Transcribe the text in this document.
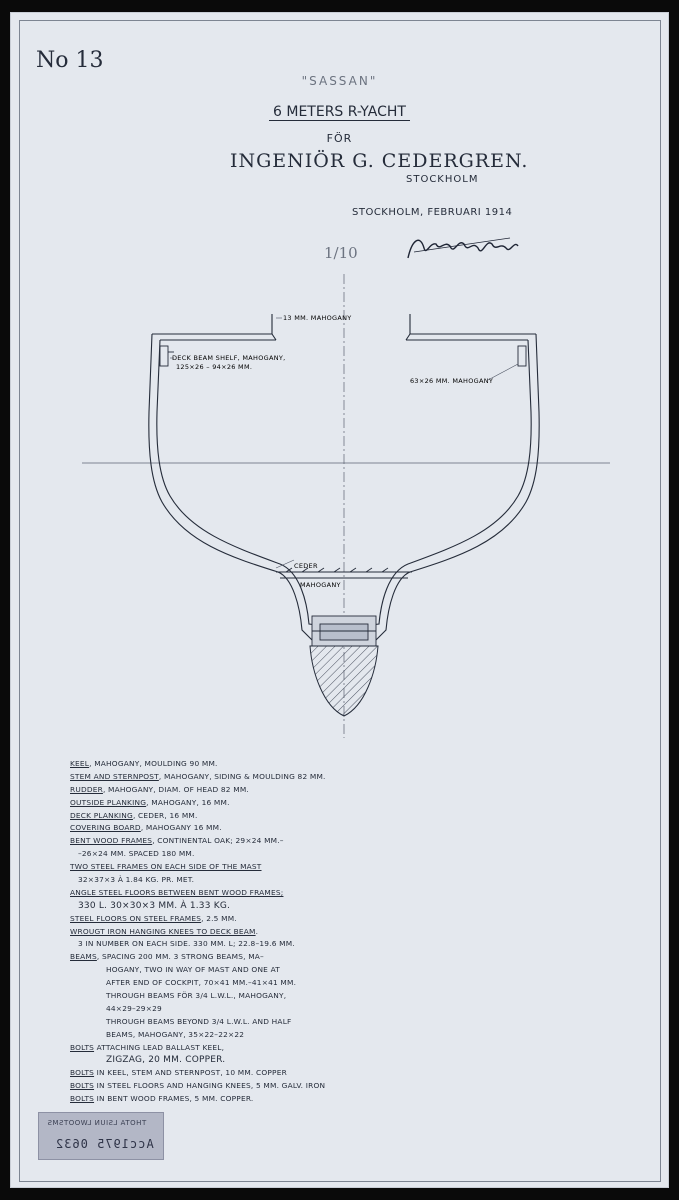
No 13
"SASSAN"
6 METERS R-YACHT
FÖR
INGENIÖR G. CEDERGREN.
STOCKHOLM
STOCKHOLM, FEBRUARI 1914
1/10
13 MM. MAHOGANY
DECK BEAM SHELF, MAHOGANY,
125×26 – 94×26 MM.
63×26 MM. MAHOGANY
CEDER
MAHOGANY
KEEL, MAHOGANY, MOULDING 90 MM.
STEM AND STERNPOST, MAHOGANY, SIDING & MOULDING 82 MM.
RUDDER, MAHOGANY, DIAM. OF HEAD 82 MM.
OUTSIDE PLANKING, MAHOGANY, 16 MM.
DECK PLANKING, CEDER, 16 MM.
COVERING BOARD, MAHOGANY 16 MM.
BENT WOOD FRAMES, CONTINENTAL OAK; 29×24 MM.–
–26×24 MM. SPACED 180 MM.
TWO STEEL FRAMES ON EACH SIDE OF THE MAST
32×37×3 À 1.84 KG. PR. MET.
ANGLE STEEL FLOORS BETWEEN BENT WOOD FRAMES;
330 L. 30×30×3 MM. À 1.33 KG.
STEEL FLOORS ON STEEL FRAMES, 2.5 MM.
WROUGT IRON HANGING KNEES TO DECK BEAM.
3 IN NUMBER ON EACH SIDE. 330 MM. L; 22.8–19.6 MM.
BEAMS, SPACING 200 MM. 3 STRONG BEAMS, MA–
HOGANY, TWO IN WAY OF MAST AND ONE AT
AFTER END OF COCKPIT, 70×41 MM.–41×41 MM.
THROUGH BEAMS FÖR 3/4 L.W.L., MAHOGANY,
44×29–29×29
THROUGH BEAMS BEYOND 3/4 L.W.L. AND HALF
BEAMS, MAHOGANY, 35×22–22×22
BOLTS ATTACHING LEAD BALLAST KEEL,
ZIGZAG, 20 MM. COPPER.
BOLTS IN KEEL, STEM AND STERNPOST, 10 MM. COPPER
BOLTS IN STEEL FLOORS AND HANGING KNEES, 5 MM. GALV. IRON
BOLTS IN BENT WOOD FRAMES, 5 MM. COPPER.
THOTA LSIUN LWOOTSMS
Acc1975 0632
